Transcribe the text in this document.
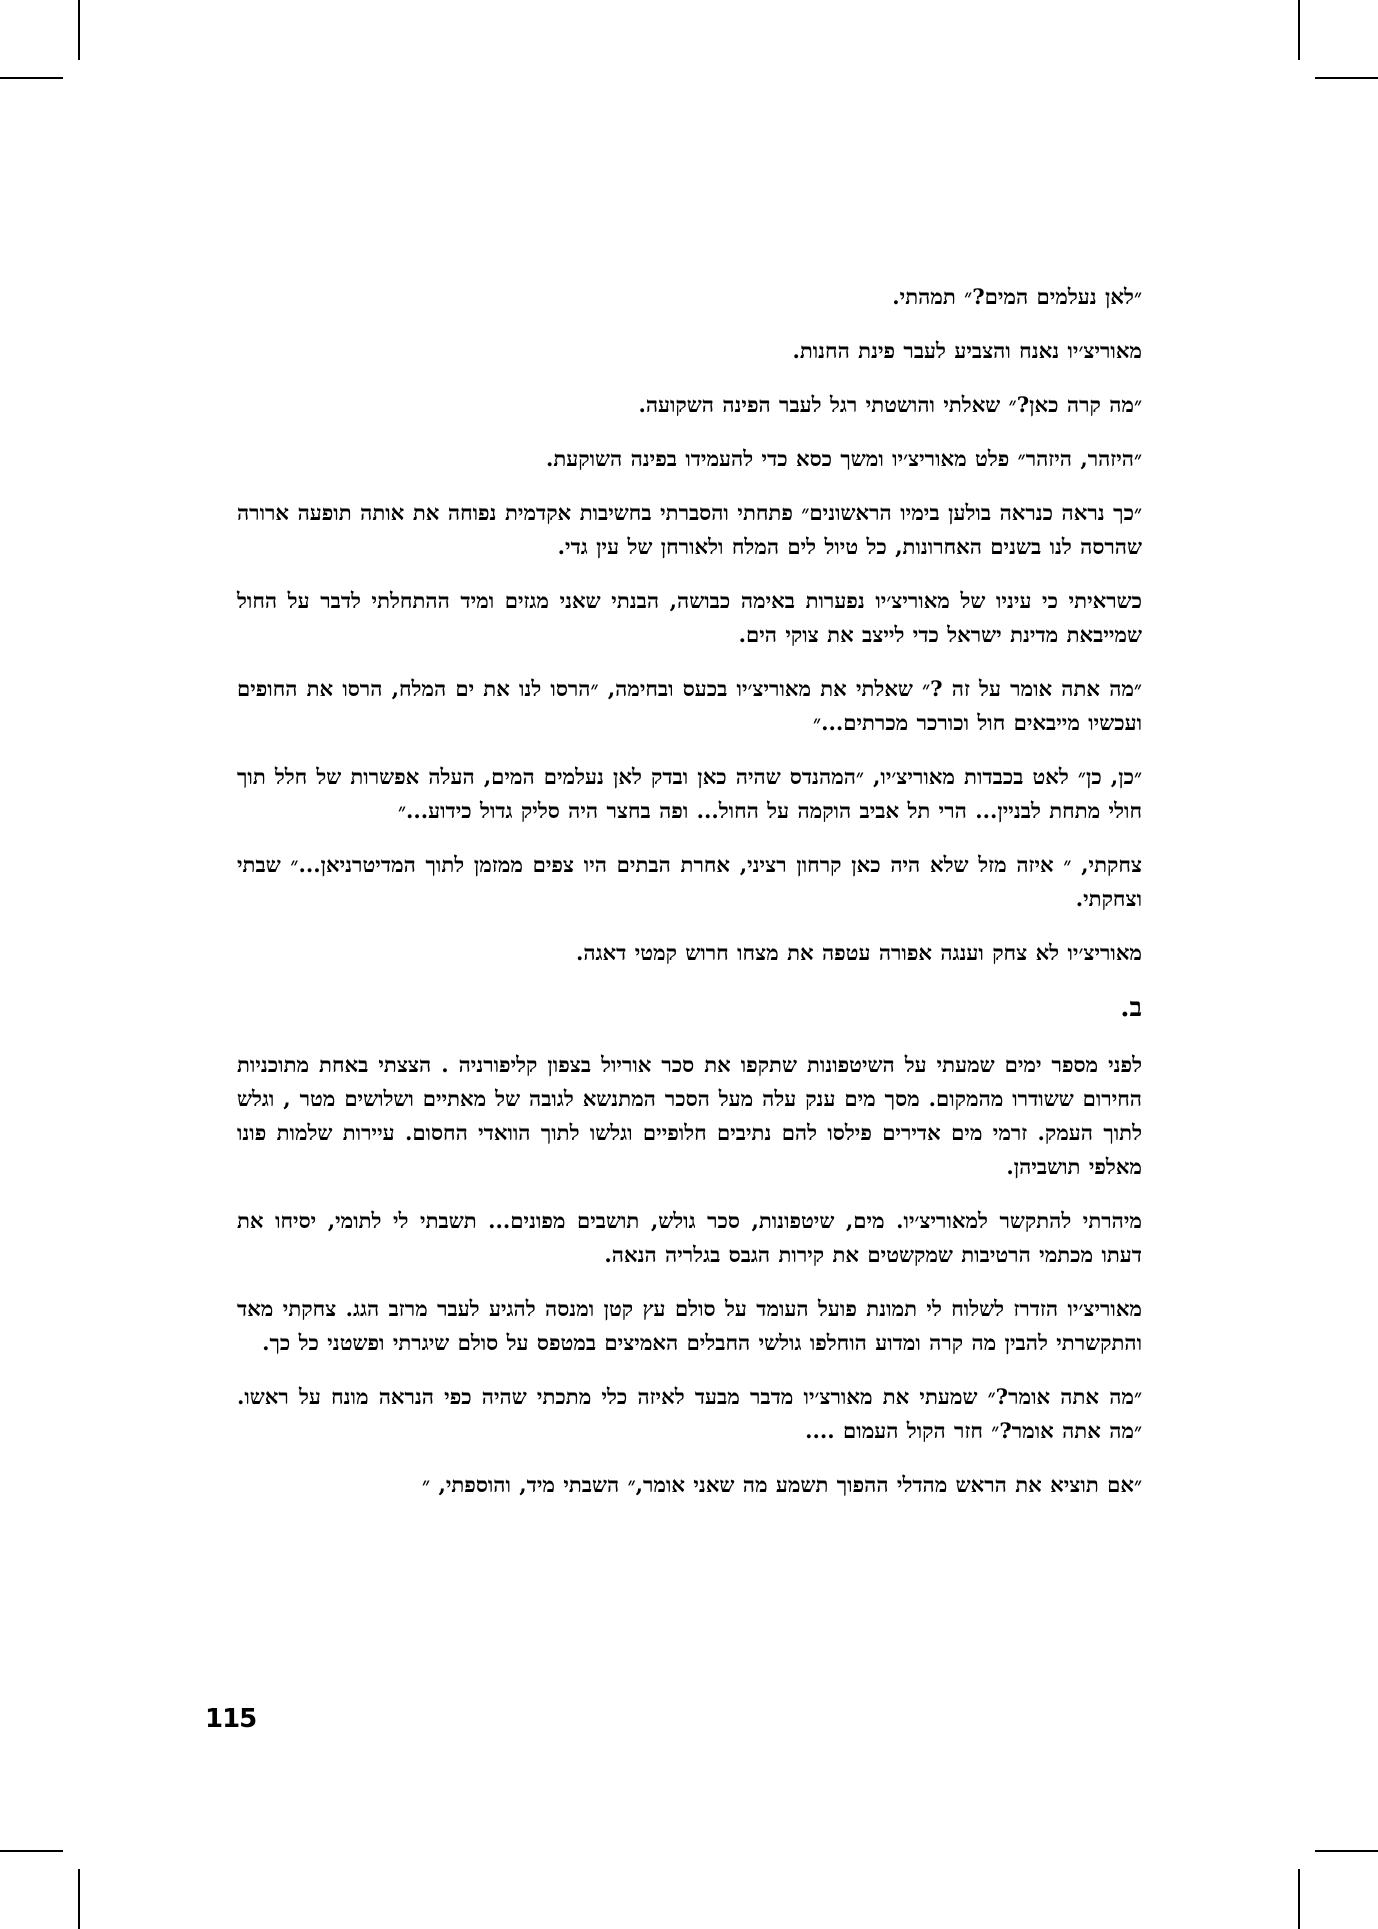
״לאן נעלמים המים?״ תמהתי.

מאוריצ׳יו נאנח והצביע לעבר פינת החנות.

״מה קרה כאן?״ שאלתי והושטתי רגל לעבר הפינה השקועה.

״היזהר, היזהר״ פלט מאוריצ׳יו ומשך כסא כדי להעמידו בפינה השוקעת.

״כך נראה כנראה בולען בימיו הראשונים״ פתחתי והסברתי בחשיבות אקדמית נפוחה את אותה תופעה ארורה שהרסה לנו בשנים האחרונות, כל טיול לים המלח ולאורחן של עין גדי.

כשראיתי כי עיניו של מאוריצ׳יו נפערות באימה כבושה, הבנתי שאני מגזים ומיד ההתחלתי לדבר על החול שמייבאת מדינת ישראל כדי לייצב את צוקי הים.

״מה אתה אומר על זה ?״ שאלתי את מאוריצ׳יו בכעס ובחימה, ״הרסו לנו את ים המלח, הרסו את החופים ועכשיו מייבאים חול וכורכר מכרתים...״

״כן, כן״ לאט בכבדות מאוריצ׳יו, ״המהנדס שהיה כאן ובדק לאן נעלמים המים, העלה אפשרות של חלל תוך חולי מתחת לבניין... הרי תל אביב הוקמה על החול... ופה בחצר היה סליק גדול כידוע...״

צחקתי, ״ איזה מזל שלא היה כאן קרחון רציני, אחרת הבתים היו צפים ממזמן לתוך המדיטרניאן...״ שבתי וצחקתי.

מאוריצ׳יו לא צחק וענגה אפורה עטפה את מצחו חרוש קמטי דאגה.

ב.

לפני מספר ימים שמעתי על השיטפונות שתקפו את סכר אוריול בצפון קליפורניה . הצצתי באחת מתוכניות החירום ששודרו מהמקום. מסך מים ענק עלה מעל הסכר המתנשא לגובה של מאתיים ושלושים מטר , וגלש לתוך העמק. זרמי מים אדירים פילסו להם נתיבים חלופיים וגלשו לתוך הוואדי החסום. עיירות שלמות פונו מאלפי תושביהן.

מיהרתי להתקשר למאוריצ׳יו. מים, שיטפונות, סכר גולש, תושבים מפונים... תשבתי לי לתומי, יסיחו את דעתו מכתמי הרטיבות שמקשטים את קירות הגבס בגלריה הנאה.

מאוריצ׳יו הזדרז לשלוח לי תמונת פועל העומד על סולם עץ קטן ומנסה להגיע לעבר מרזב הגג. צחקתי מאד והתקשרתי להבין מה קרה ומדוע הוחלפו גולשי החבלים האמיצים במטפס על סולם שיגרתי ופשטני כל כך.

״מה אתה אומר?״ שמעתי את מאורצ׳יו מדבר מבעד לאיזה כלי מתכתי שהיה כפי הנראה מונח על ראשו. ״מה אתה אומר?״ חזר הקול העמום ....

״אם תוציא את הראש מהדלי ההפוך תשמע מה שאני אומר,״ השבתי מיד, והוספתי, ״

115
